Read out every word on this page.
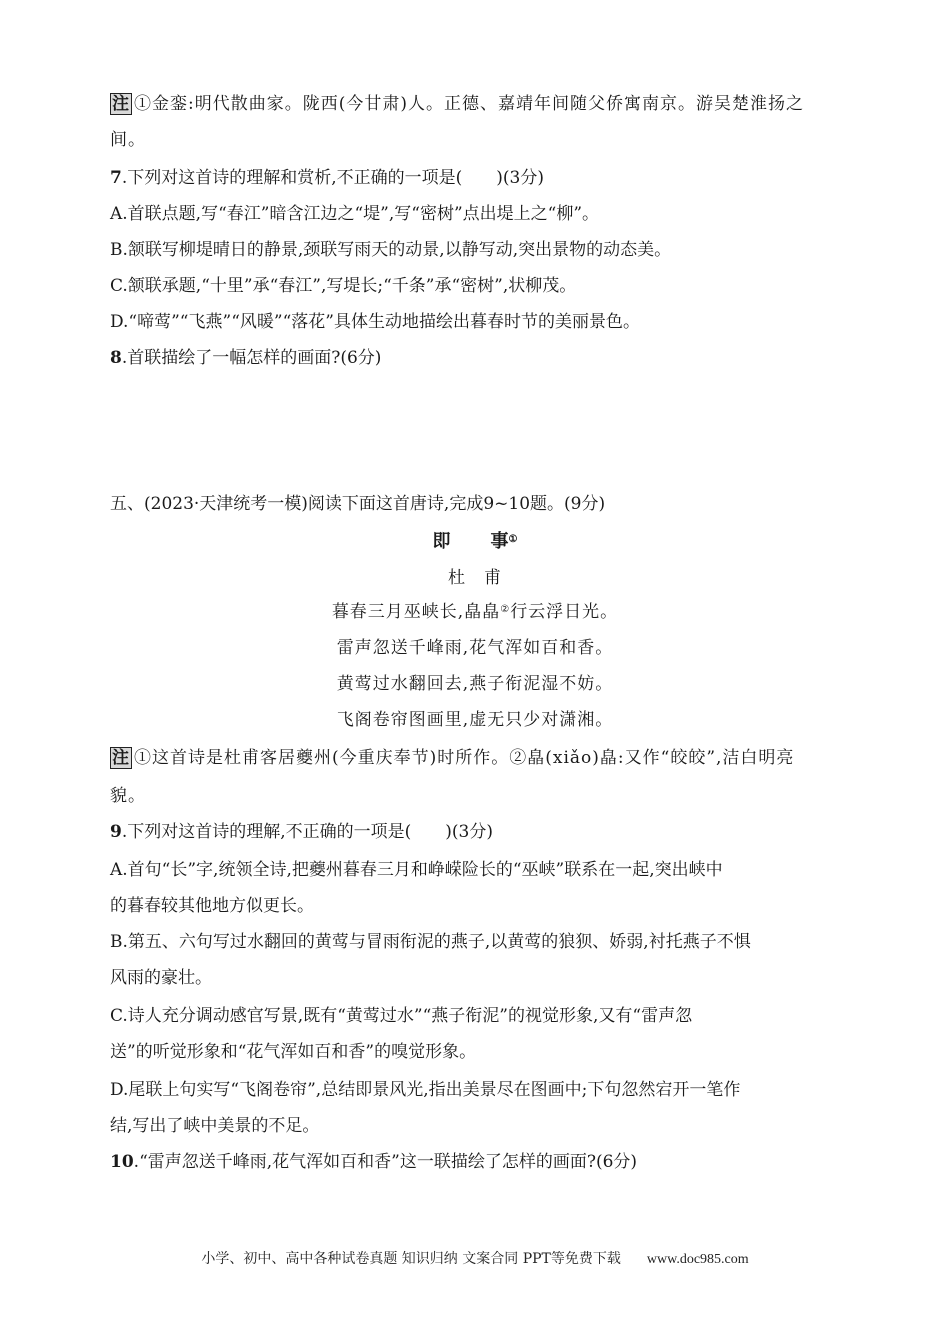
注 ①金銮:明代散曲家。陇西(今甘肃)人。正德、嘉靖年间随父侨寓南京。游吴楚淮扬之
间。
7.下列对这首诗的理解和赏析,不正确的一项是(　　)(3分)
A.首联点题,写“春江”暗含江边之“堤”,写“密树”点出堤上之“柳”。
B.颔联写柳堤晴日的静景,颈联写雨天的动景,以静写动,突出景物的动态美。
C.颔联承题,“十里”承“春江”,写堤长;“千条”承“密树”,状柳茂。
D.“啼莺”“飞燕”“风暖”“落花”具体生动地描绘出暮春时节的美丽景色。
8.首联描绘了一幅怎样的画面?(6分)
五、(2023·天津统考一模)阅读下面这首唐诗,完成9~10题。(9分)
即 事①
杜　甫
暮春三月巫峡长,皛皛②行云浮日光。
雷声忽送千峰雨,花气浑如百和香。
黄莺过水翻回去,燕子衔泥湿不妨。
飞阁卷帘图画里,虚无只少对潇湘。
注 ①这首诗是杜甫客居夔州(今重庆奉节)时所作。②皛(xiǎo)皛:又作“皎皎”,洁白明亮
貌。
9.下列对这首诗的理解,不正确的一项是(　　)(3分)
A.首句“长”字,统领全诗,把夔州暮春三月和峥嵘险长的“巫峡”联系在一起,突出峡中
的暮春较其他地方似更长。
B.第五、六句写过水翻回的黄莺与冒雨衔泥的燕子,以黄莺的狼狈、娇弱,衬托燕子不惧
风雨的豪壮。
C.诗人充分调动感官写景,既有“黄莺过水”“燕子衔泥”的视觉形象,又有“雷声忽
送”的听觉形象和“花气浑如百和香”的嗅觉形象。
D.尾联上句实写“飞阁卷帘”,总结即景风光,指出美景尽在图画中;下句忽然宕开一笔作
结,写出了峡中美景的不足。
10.“雷声忽送千峰雨,花气浑如百和香”这一联描绘了怎样的画面?(6分)
小学、初中、高中各种试卷真题 知识归纳 文案合同 PPT等免费下载 www.doc985.com
